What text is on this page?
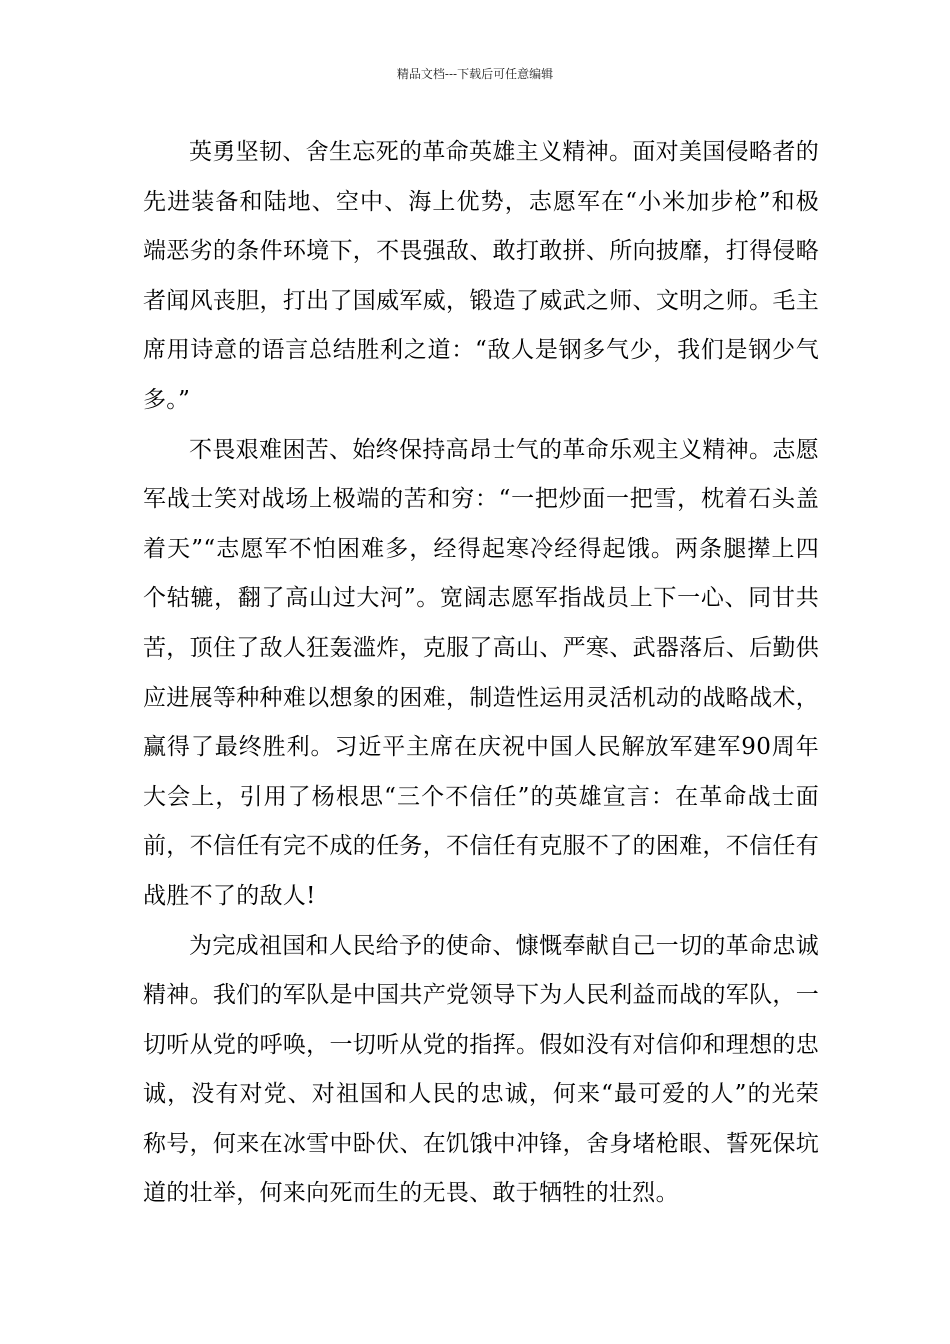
精品文档---下载后可任意编辑

英勇坚韧、舍生忘死的革命英雄主义精神。面对美国侵略者的先进装备和陆地、空中、海上优势，志愿军在“小米加步枪”和极端恶劣的条件环境下，不畏强敌、敢打敢拼、所向披靡，打得侵略者闻风丧胆，打出了国威军威，锻造了威武之师、文明之师。毛主席用诗意的语言总结胜利之道：“敌人是钢多气少，我们是钢少气多。”

不畏艰难困苦、始终保持高昂士气的革命乐观主义精神。志愿军战士笑对战场上极端的苦和穷：“一把炒面一把雪，枕着石头盖着天”“志愿军不怕困难多，经得起寒冷经得起饿。两条腿撵上四个轱辘，翻了高山过大河”。宽阔志愿军指战员上下一心、同甘共苦，顶住了敌人狂轰滥炸，克服了高山、严寒、武器落后、后勤供应进展等种种难以想象的困难，制造性运用灵活机动的战略战术，赢得了最终胜利。习近平主席在庆祝中国人民解放军建军90周年大会上，引用了杨根思“三个不信任”的英雄宣言：在革命战士面前，不信任有完不成的任务，不信任有克服不了的困难，不信任有战胜不了的敌人!

为完成祖国和人民给予的使命、慷慨奉献自己一切的革命忠诚精神。我们的军队是中国共产党领导下为人民利益而战的军队，一切听从党的呼唤，一切听从党的指挥。假如没有对信仰和理想的忠诚，没有对党、对祖国和人民的忠诚，何来“最可爱的人”的光荣称号，何来在冰雪中卧伏、在饥饿中冲锋，舍身堵枪眼、誓死保坑道的壮举，何来向死而生的无畏、敢于牺牲的壮烈。
